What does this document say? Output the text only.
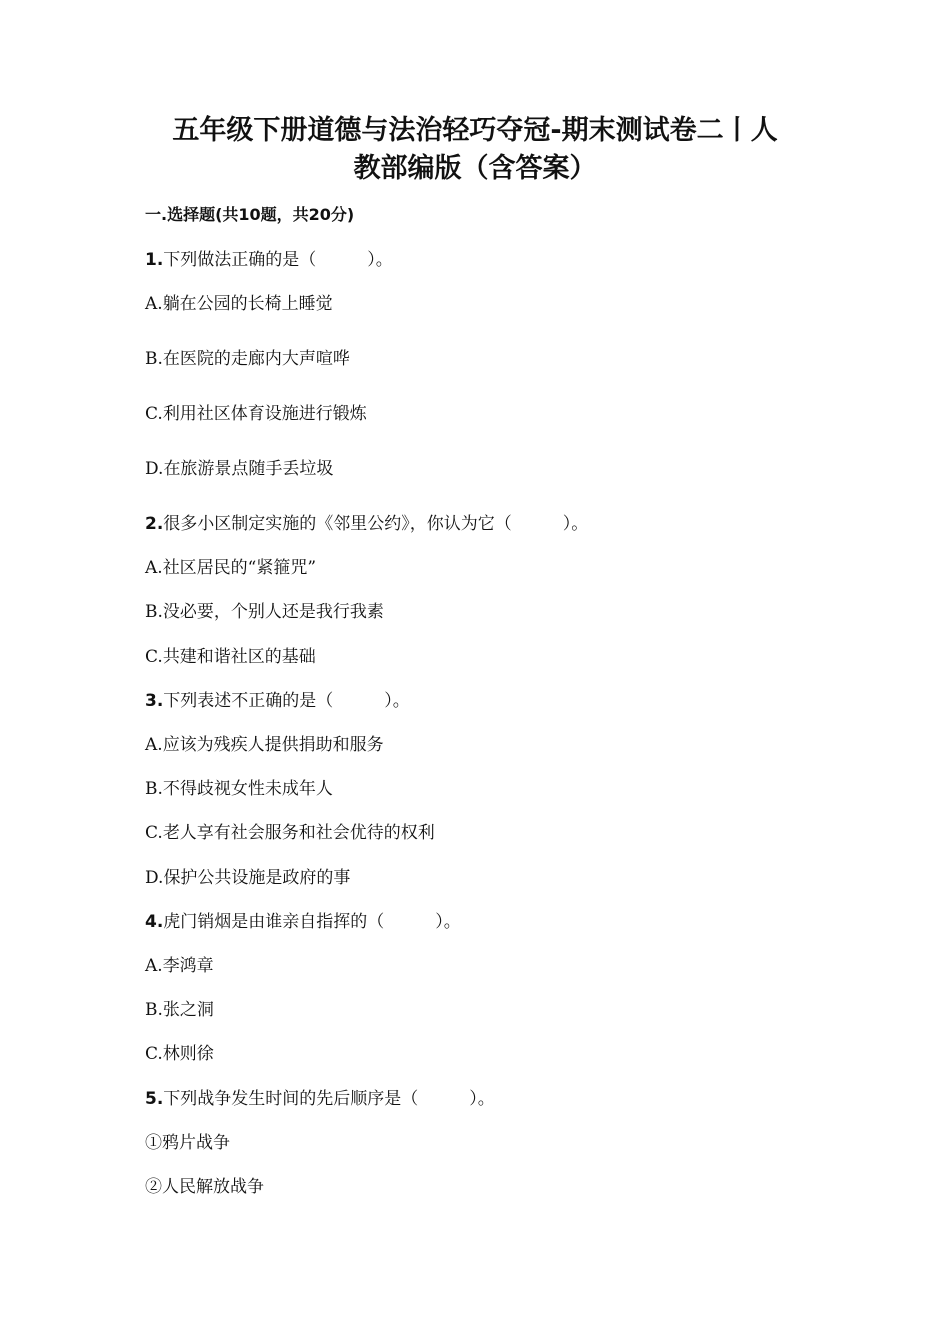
五年级下册道德与法治轻巧夺冠-期末测试卷二丨人
教部编版（含答案）
一.选择题(共10题，共20分)
1.下列做法正确的是（　　　）。
A.躺在公园的长椅上睡觉
B.在医院的走廊内大声喧哗
C.利用社区体育设施进行锻炼
D.在旅游景点随手丢垃圾
2.很多小区制定实施的《邻里公约》，你认为它（　　　）。
A.社区居民的“紧箍咒”
B.没必要，个别人还是我行我素
C.共建和谐社区的基础
3.下列表述不正确的是（　　　）。
A.应该为残疾人提供捐助和服务
B.不得歧视女性未成年人
C.老人享有社会服务和社会优待的权利
D.保护公共设施是政府的事
4.虎门销烟是由谁亲自指挥的（　　　）。
A.李鸿章
B.张之洞
C.林则徐
5.下列战争发生时间的先后顺序是（　　　）。
①鸦片战争
②人民解放战争
